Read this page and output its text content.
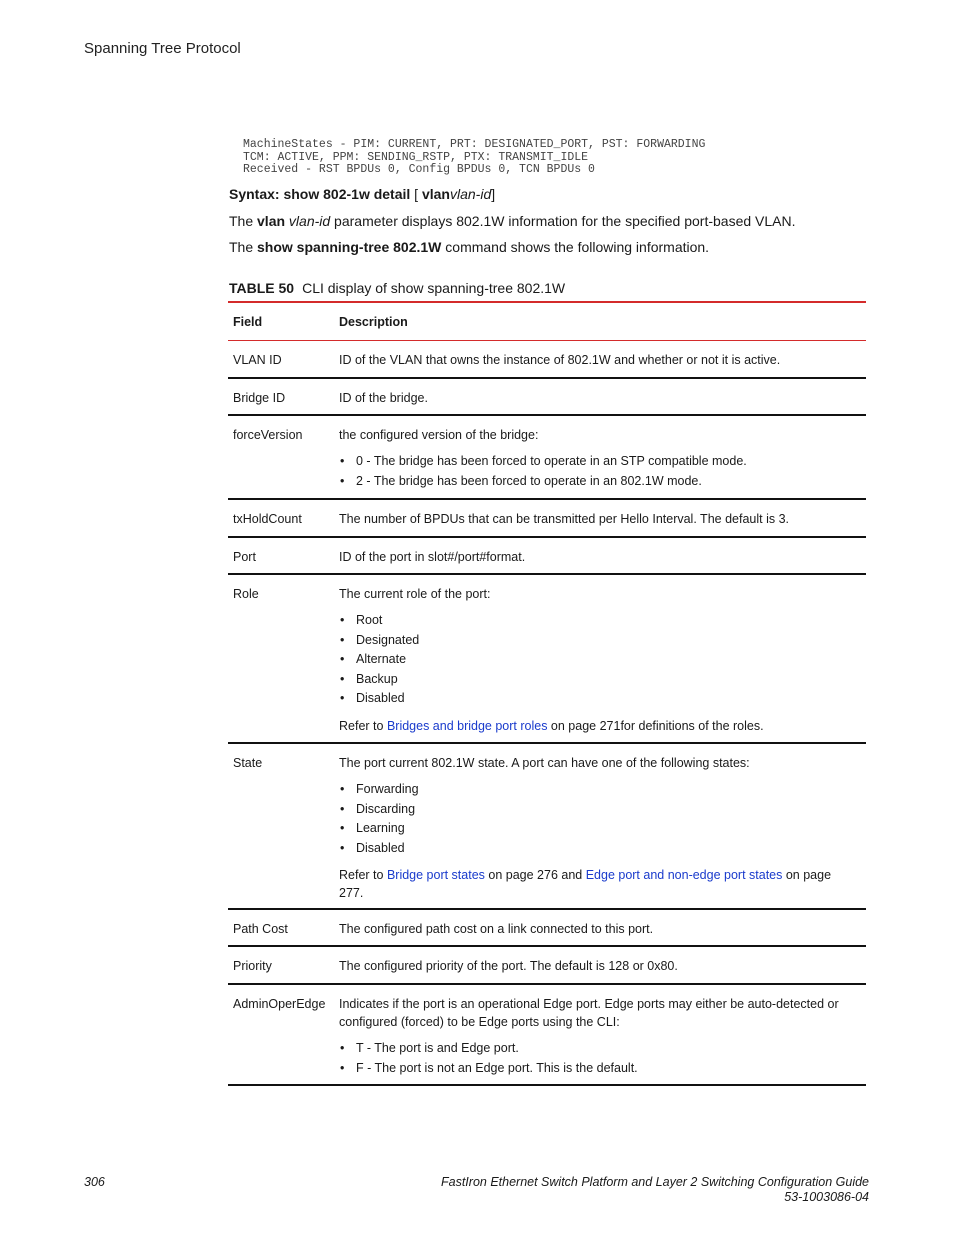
Spanning Tree Protocol
MachineStates - PIM: CURRENT, PRT: DESIGNATED_PORT, PST: FORWARDING
TCM: ACTIVE, PPM: SENDING_RSTP, PTX: TRANSMIT_IDLE
Received - RST BPDUs 0, Config BPDUs 0, TCN BPDUs 0
Syntax: show 802-1w detail [ vlanvlan-id]
The vlan vlan-id parameter displays 802.1W information for the specified port-based VLAN.
The show spanning-tree 802.1W command shows the following information.
TABLE 50 CLI display of show spanning-tree 802.1W
Field	Description
VLAN ID	ID of the VLAN that owns the instance of 802.1W and whether or not it is active.

Bridge ID	ID of the bridge.

forceVersion	the configured version of the bridge:

• 0 - The bridge has been forced to operate in an STP compatible mode.
• 2 - The bridge has been forced to operate in an 802.1W mode.
txHoldCount	The number of BPDUs that can be transmitted per Hello Interval. The default is 3.

Port	ID of the port in slot#/port#format.

Role	The current role of the port:

• Root
• Designated
• Alternate
• Backup
• Disabled

Refer to Bridges and bridge port roles on page 271for definitions of the roles.

State	The port current 802.1W state. A port can have one of the following states:

• Forwarding
• Discarding
• Learning
• Disabled

Refer to Bridge port states on page 276 and Edge port and non-edge port states on page 277.

Path Cost	The configured path cost on a link connected to this port.

Priority	The configured priority of the port. The default is 128 or 0x80.

AdminOperEdge	Indicates if the port is an operational Edge port. Edge ports may either be auto-detected or configured (forced) to be Edge ports using the CLI:

• T - The port is and Edge port.
• F - The port is not an Edge port. This is the default.
306	FastIron Ethernet Switch Platform and Layer 2 Switching Configuration Guide
53-1003086-04
